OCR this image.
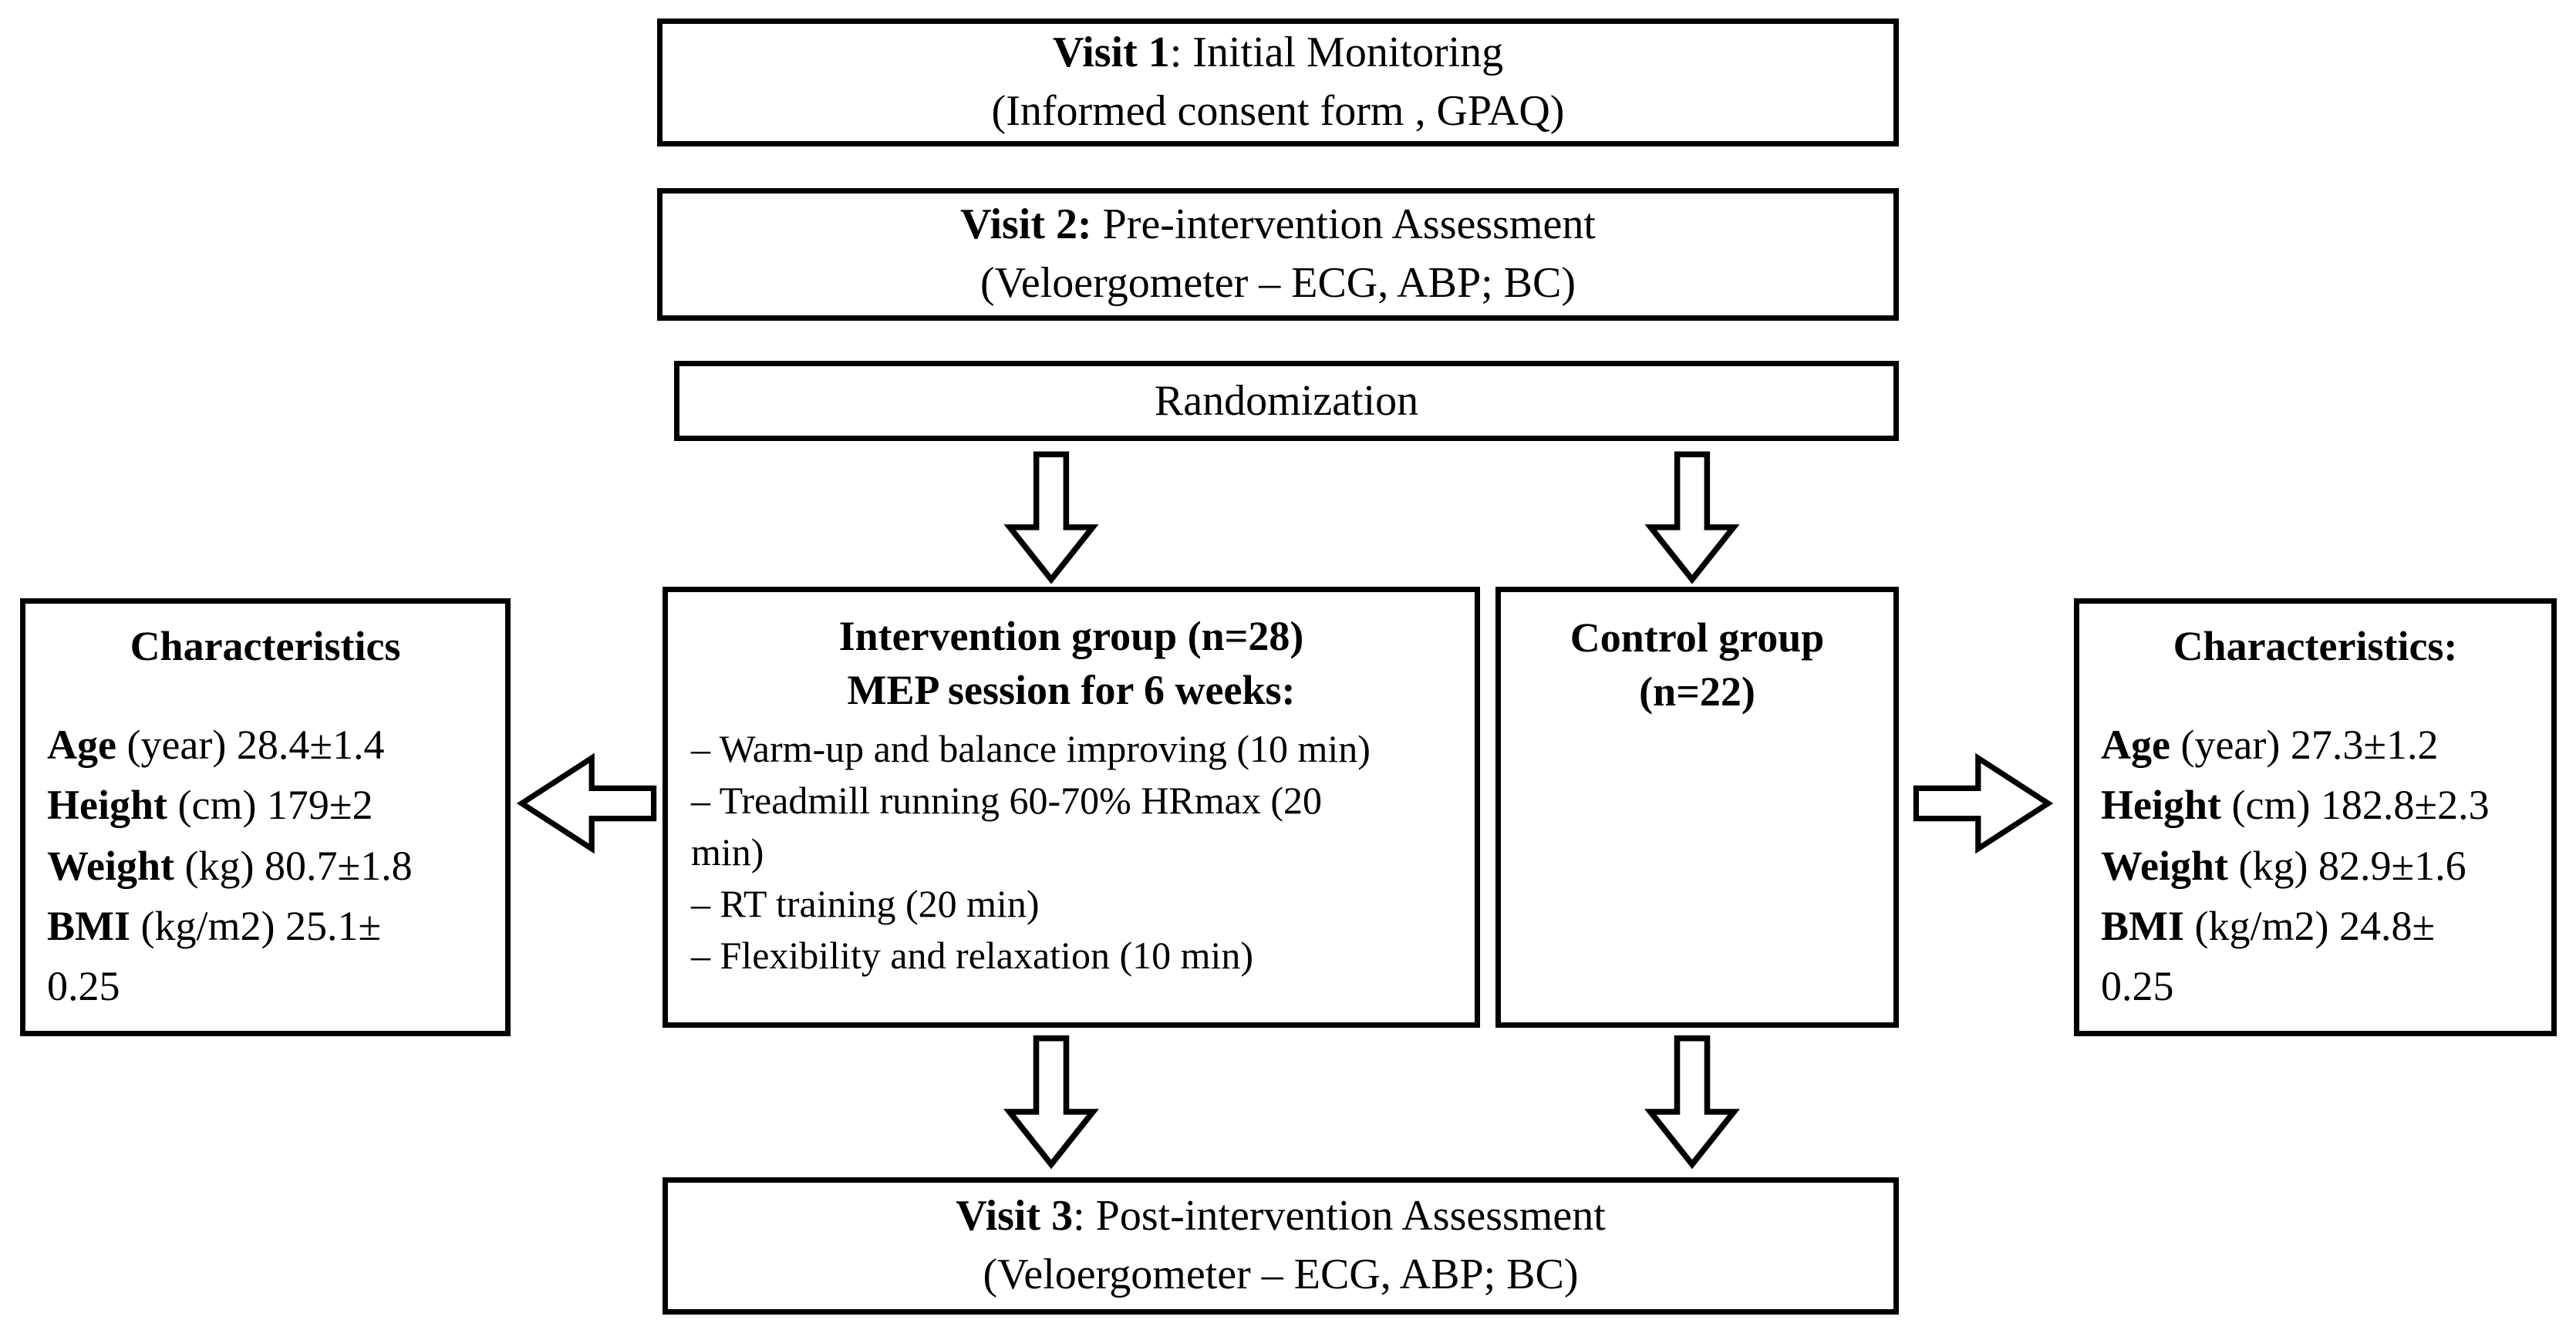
Visit 1: Initial Monitoring
(Informed consent form , GPAQ)
Visit 2: Pre-intervention Assessment
(Veloergometer – ECG, ABP; BC)
Randomization
Intervention group (n=28)
MEP session for 6 weeks:
– Warm-up and balance improving (10 min)
– Treadmill running 60-70% HRmax (20 min)
– RT training (20 min)
– Flexibility and relaxation (10 min)
Control group
(n=22)
Characteristics
Age (year) 28.4±1.4
Height (cm) 179±2
Weight (kg) 80.7±1.8
BMI (kg/m2) 25.1± 0.25
Characteristics:
Age (year) 27.3±1.2
Height (cm) 182.8±2.3
Weight (kg) 82.9±1.6
BMI (kg/m2) 24.8± 0.25
Visit 3: Post-intervention Assessment
(Veloergometer – ECG, ABP; BC)
